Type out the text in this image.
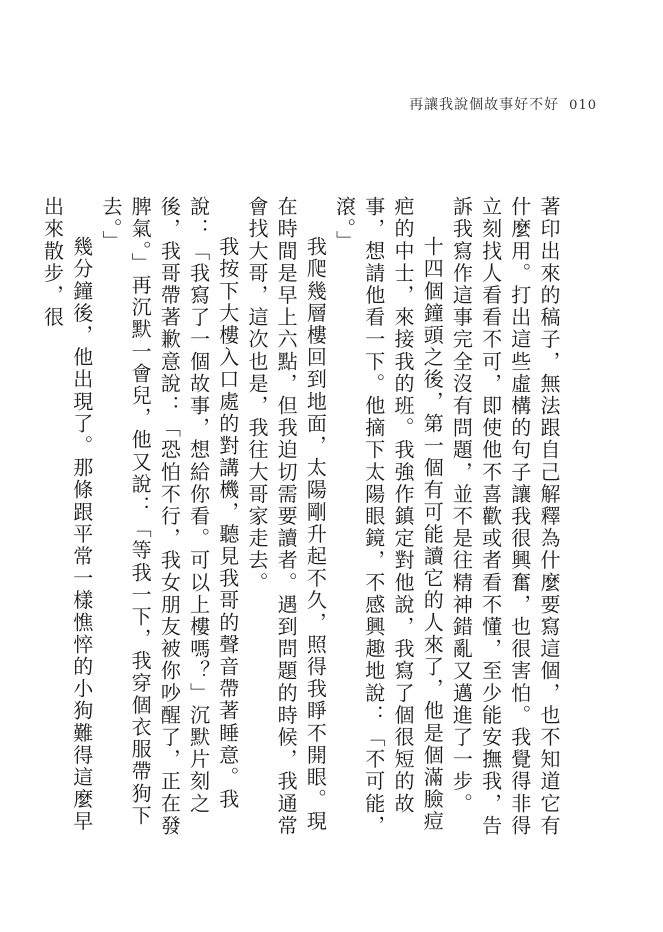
再讓我說個故事好不好 010

著印出來的稿子，無法跟自己解釋為什麼要寫這個，也不知道它有什麼用。打出這些虛構的句子讓我很興奮，也很害怕。我覺得非得立刻找人看看不可，即使他不喜歡或者看不懂，至少能安撫我，告訴我寫作這事完全沒有問題，並不是往精神錯亂又邁進了一步。

十四個鐘頭之後，第一個有可能讀它的人來了，他是個滿臉痘疤的中士，來接我的班。我強作鎮定對他說，我寫了個很短的故事，想請他看一下。他摘下太陽眼鏡，不感興趣地說：「不可能，滾。」

我爬幾層樓回到地面，太陽剛升起不久，照得我睜不開眼。現在時間是早上六點，但我迫切需要讀者。遇到問題的時候，我通常會找大哥，這次也是，我往大哥家走去。

我按下大樓入口處的對講機，聽見我哥的聲音帶著睡意。我說：「我寫了一個故事，想給你看。可以上樓嗎？」沉默片刻之後，我哥帶著歉意說：「恐怕不行，我女朋友被你吵醒了，正在發脾氣。」再沉默一會兒，他又說：「等我一下，我穿個衣服帶狗下去。」

幾分鐘後，他出現了。那條跟平常一樣憔悴的小狗難得這麼早出來散步，很
